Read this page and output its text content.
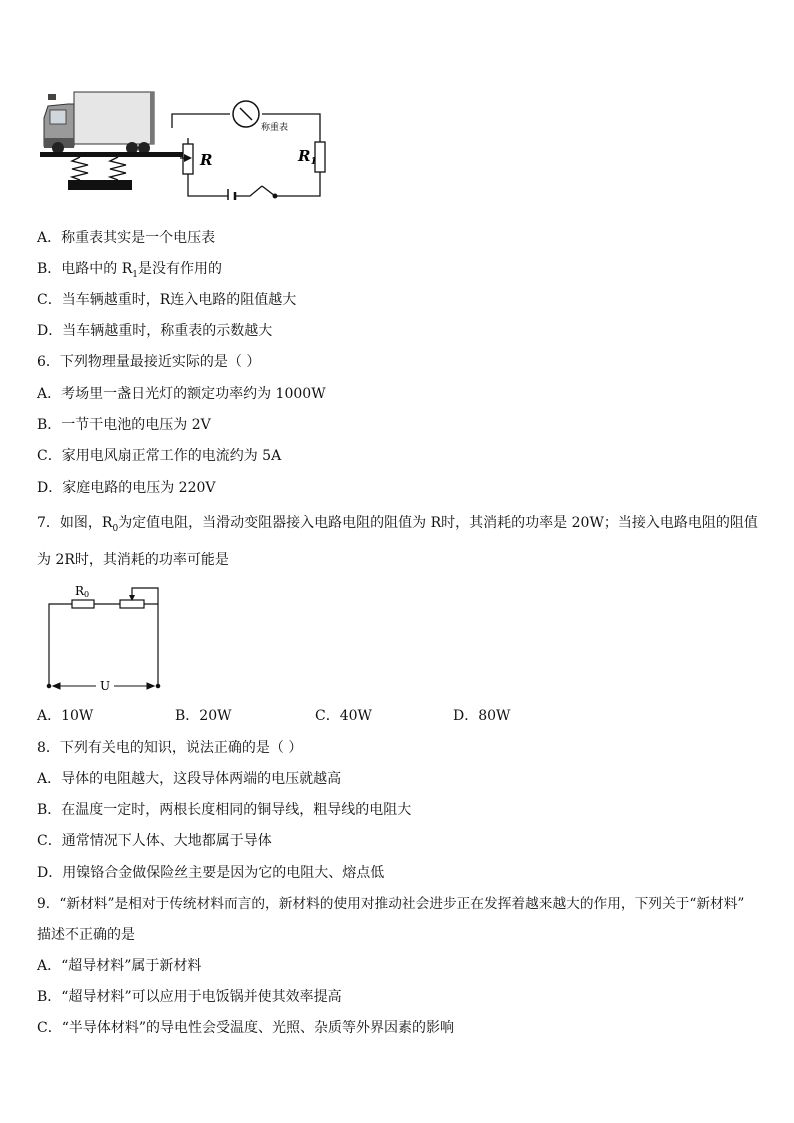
R
称重表
$R_1$
A．称重表其实是一个电压表
B．电路中的 $R_1$是没有作用的
C．当车辆越重时，R连入电路的阻值越大
D．当车辆越重时，称重表的示数越大
6．下列物理量最接近实际的是（ ）
A．考场里一盏日光灯的额定功率约为 1000W
B．一节干电池的电压为 2V
C．家用电风扇正常工作的电流约为 5A
D．家庭电路的电压为 220V
7．如图，$R_0$为定值电阻，当滑动变阻器接入电路电阻的阻值为 R时，其消耗的功率是 20W；当接入电路电阻的阻值
为 2R时，其消耗的功率可能是
R0
U
A．10W	B．20W	C．40W	D．80W
8．下列有关电的知识，说法正确的是（ ）
A．导体的电阻越大，这段导体两端的电压就越高
B．在温度一定时，两根长度相同的铜导线，粗导线的电阻大
C．通常情况下人体、大地都属于导体
D．用镍铬合金做保险丝主要是因为它的电阻大、熔点低
9．“新材料”是相对于传统材料而言的，新材料的使用对推动社会进步正在发挥着越来越大的作用，下列关于“新材料”
描述不正确的是
A．“超导材料”属于新材料
B．“超导材料”可以应用于电饭锅并使其效率提高
C．“半导体材料”的导电性会受温度、光照、杂质等外界因素的影响
